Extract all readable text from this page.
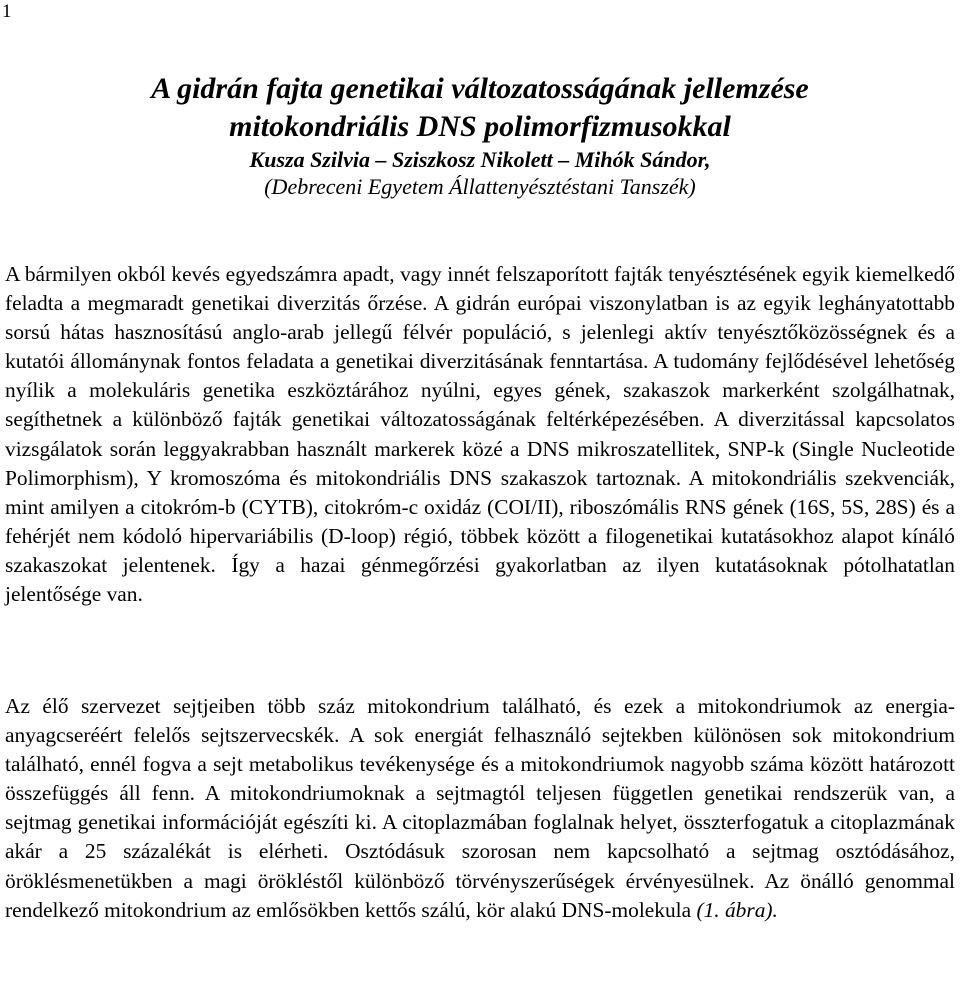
1

A gidrán fajta genetikai változatosságának jellemzése

mitokondriális DNS polimorfizmusokkal

Kusza Szilvia – Sziszkosz Nikolett – Mihók Sándor,

(Debreceni Egyetem Állattenyésztéstani Tanszék)

A bármilyen okból kevés egyedszámra apadt, vagy innét felszaporított fajták tenyésztésének egyik kiemelkedő feladta a megmaradt genetikai diverzitás őrzése. A gidrán európai viszonylatban is az egyik leghányatottabb sorsú hátas hasznosítású anglo-arab jellegű félvér populáció, s jelenlegi aktív tenyésztőközösségnek és a kutatói állománynak fontos feladata a genetikai diverzitásának fenntartása. A tudomány fejlődésével lehetőség nyílik a molekuláris genetika eszköztárához nyúlni, egyes gének, szakaszok markerként szolgálhatnak, segíthetnek a különböző fajták genetikai változatosságának feltérképezésében. A diverzitással kapcsolatos vizsgálatok során leggyakrabban használt markerek közé a DNS mikroszatellitek, SNP-k (Single Nucleotide Polimorphism), Y kromoszóma és mitokondriális DNS szakaszok tartoznak. A mitokondriális szekvenciák, mint amilyen a citokróm-b (CYTB), citokróm-c oxidáz (COI/II), riboszómális RNS gének (16S, 5S, 28S) és a fehérjét nem kódoló hipervariábilis (D-loop) régió, többek között a filogenetikai kutatásokhoz alapot kínáló szakaszokat jelentenek. Így a hazai génmegőrzési gyakorlatban az ilyen kutatásoknak pótolhatatlan jelentősége van.

Az élő szervezet sejtjeiben több száz mitokondrium található, és ezek a mitokondriumok az energia-anyagcseréért felelős sejtszervecskék. A sok energiát felhasználó sejtekben különösen sok mitokondrium található, ennél fogva a sejt metabolikus tevékenysége és a mitokondriumok nagyobb száma között határozott összefüggés áll fenn. A mitokondriumoknak a sejtmagtól teljesen független genetikai rendszerük van, a sejtmag genetikai információját egészíti ki. A citoplazmában foglalnak helyet, összterfogatuk a citoplazmának akár a 25 százalékát is elérheti. Osztódásuk szorosan nem kapcsolható a sejtmag osztódásához, öröklésmenetükben a magi örökléstől különböző törvényszerűségek érvényesülnek. Az önálló genommal rendelkező mitokondrium az emlősökben kettős szálú, kör alakú DNS-molekula (1. ábra).
